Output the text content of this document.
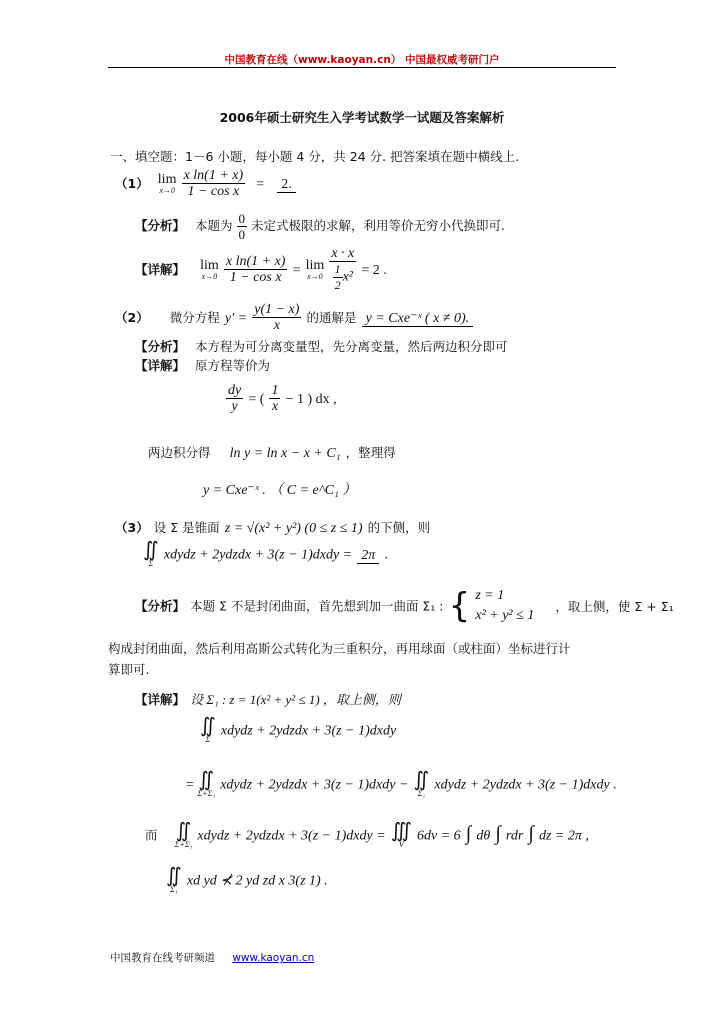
中国教育在线（www.kaoyan.cn） 中国最权威考研门户
2006年硕士研究生入学考试数学一试题及答案解析
一、填空题：1－6 小题，每小题 4 分，共 24 分. 把答案填在题中横线上.
（1） lim
x→0
$\frac{\text{x ln(1 + x)}}{\text{1 − cos x}} = 2$.
【分析】 本题为 $\frac{0}{0}$ 未定式极限的求解，利用等价无穷小代换即可.
【详解】 lim
x→0
$\frac{\text{x ln(1 + x)}}{\text{1 − cos x}} = \lim$
x→0
$\frac{x \cdot x}{\frac{1}{2} x^2} = 2$ .
（2） 微分方程 $y' = \frac{y(1 - x)}{x}$ 的通解是 y = Cxe⁻ˣ ( x ≠ 0).
【分析】 本方程为可分离变量型，先分离变量，然后两边积分即可
【详解】 原方程等价为
$\frac{dy}{y}$ = ( $\frac{1}{x} - 1$ ) dx ,
两边积分得 ln y = ln x − x + C₁ ，整理得
y = Cxe⁻ˣ . （ C = e^C₁ ）
（3） 设 Σ 是锥面 z = √(x² + y²) (0 ≤ z ≤ 1) 的下侧，则
∬
Σ
xdydz + 2ydzdx + 3(z − 1)dxdy = 2π .
【分析】 本题 Σ 不是封闭曲面，首先想到加一曲面 Σ₁ : { z = 1
x² + y² ≤ 1
，取上侧，使 Σ + Σ₁
构成封闭曲面，然后利用高斯公式转化为三重积分，再用球面（或柱面）坐标进行计
算即可.
【详解】 设 Σ₁ : z = 1(x² + y² ≤ 1) ，取上侧，则
∬
Σ
xdydz + 2ydzdx + 3(z − 1)dxdy
= ∬
Σ+Σ₁
xdydz + 2ydzdx + 3(z − 1)dxdy − ∬
Σ₁
xdydz + 2ydzdx + 3(z − 1)dxdy .
而 ∬
Σ+Σ₁
xdydz + 2ydzdx + 3(z − 1)dxdy = ∭
V
6dv = 6 ∫ dθ ∫ rdr ∫ dz = 2π ,
∬
Σ₁
xd yd ⊀ 2 yd zd x 3(z 1) .
中国教育在线考研频道 www.kaoyan.cn
